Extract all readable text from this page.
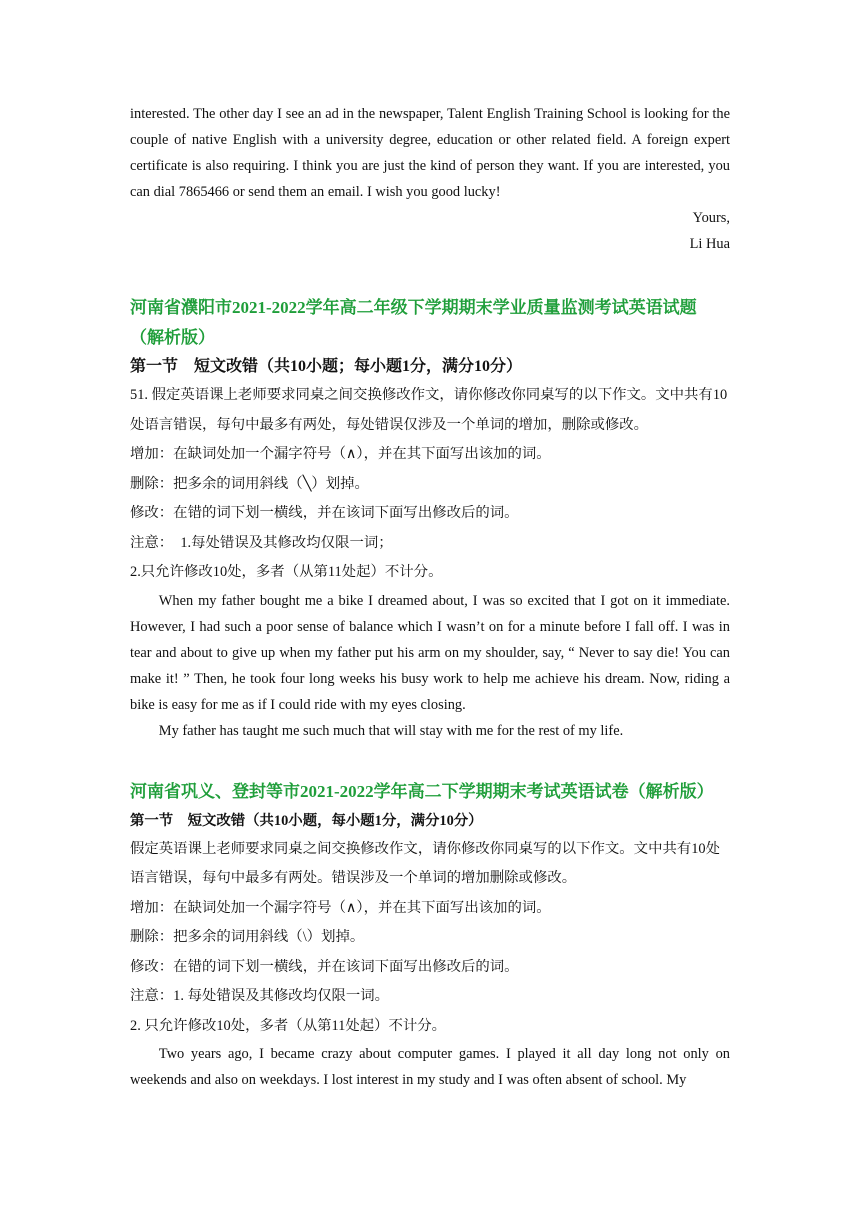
interested. The other day I see an ad in the newspaper, Talent English Training School is looking for the couple of native English with a university degree, education or other related field. A foreign expert certificate is also requiring. I think you are just the kind of person they want. If you are interested, you can dial 7865466 or send them an email. I wish you good lucky!

Yours,

Li Hua

河南省濮阳市2021-2022学年高二年级下学期期末学业质量监测考试英语试题（解析版）

第一节　短文改错（共10小题；每小题1分，满分10分）

51. 假定英语课上老师要求同桌之间交换修改作文，请你修改你同桌写的以下作文。文中共有10处语言错误，每句中最多有两处，每处错误仅涉及一个单词的增加，删除或修改。

增加：在缺词处加一个漏字符号（∧），并在其下面写出该加的词。

删除：把多余的词用斜线（╲）划掉。

修改：在错的词下划一横线，并在该词下面写出修改后的词。

注意：　1.每处错误及其修改均仅限一词；

2.只允许修改10处，多者（从第11处起）不计分。

When my father bought me a bike I dreamed about, I was so excited that I got on it immediate. However, I had such a poor sense of balance which I wasn’t on for a minute before I fall off. I was in tear and about to give up when my father put his arm on my shoulder, say, “ Never to say die! You can make it! ” Then, he took four long weeks his busy work to help me achieve his dream. Now, riding a bike is easy for me as if I could ride with my eyes closing.

My father has taught me such much that will stay with me for the rest of my life.

河南省巩义、登封等市2021-2022学年高二下学期期末考试英语试卷（解析版）

第一节　短文改错（共10小题，每小题1分，满分10分）

假定英语课上老师要求同桌之间交换修改作文，请你修改你同桌写的以下作文。文中共有10处语言错误，每句中最多有两处。错误涉及一个单词的增加删除或修改。

增加：在缺词处加一个漏字符号（∧），并在其下面写出该加的词。

删除：把多余的词用斜线（\）划掉。

修改：在错的词下划一横线，并在该词下面写出修改后的词。

注意：1. 每处错误及其修改均仅限一词。

2. 只允许修改10处，多者（从第11处起）不计分。

Two years ago, I became crazy about computer games. I played it all day long not only on weekends and also on weekdays. I lost interest in my study and I was often absent of school. My
